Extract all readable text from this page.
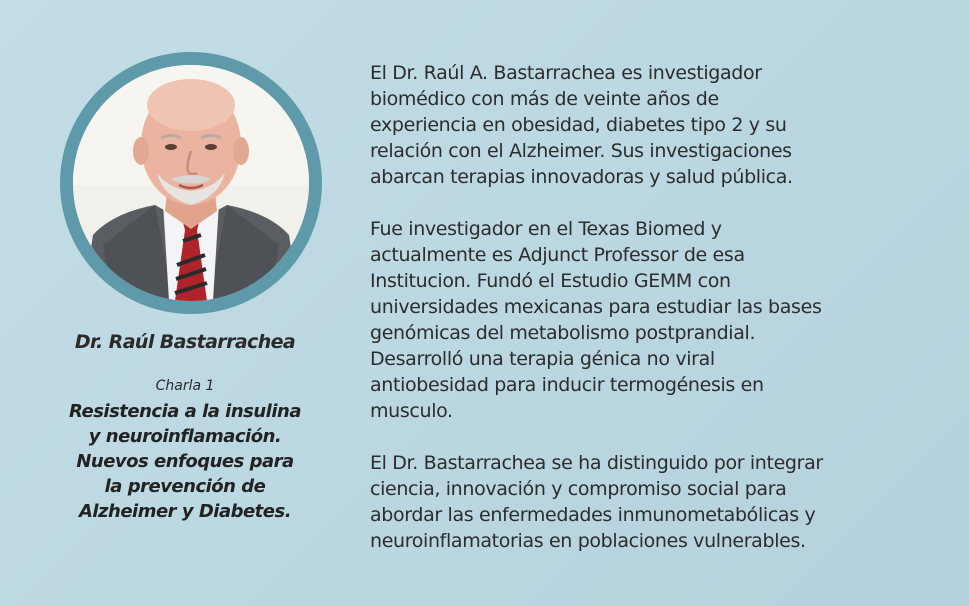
Dr. Raúl Bastarrachea
Charla 1
Resistencia a la insulina
y neuroinflamación.
Nuevos enfoques para
la prevención de
Alzheimer y Diabetes.

El Dr. Raúl A. Bastarrachea es investigador
biomédico con más de veinte años de
experiencia en obesidad, diabetes tipo 2 y su
relación con el Alzheimer. Sus investigaciones
abarcan terapias innovadoras y salud pública.

Fue investigador en el Texas Biomed y
actualmente es Adjunct Professor de esa
Institucion. Fundó el Estudio GEMM con
universidades mexicanas para estudiar las bases
genómicas del metabolismo postprandial.
Desarrolló una terapia génica no viral
antiobesidad para inducir termogénesis en
musculo.

El Dr. Bastarrachea se ha distinguido por integrar
ciencia, innovación y compromiso social para
abordar las enfermedades inmunometabólicas y
neuroinflamatorias en poblaciones vulnerables.
